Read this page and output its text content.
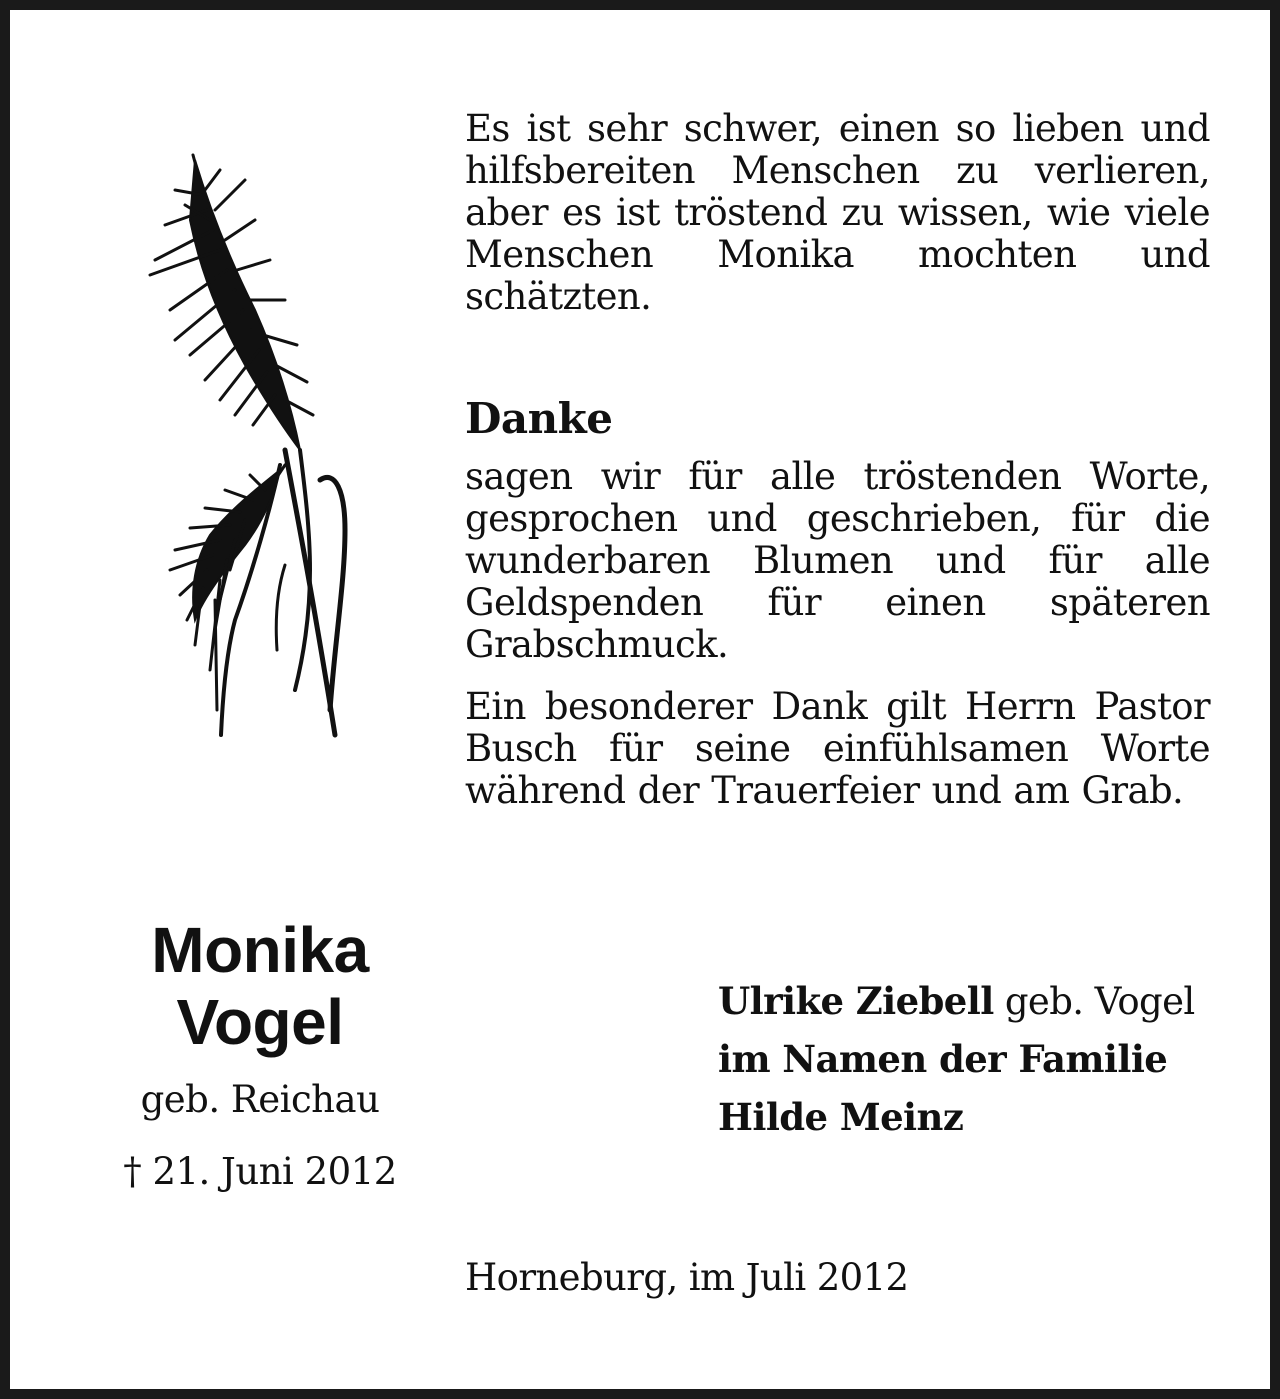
Es ist sehr schwer, einen so lieben und hilfsbereiten Menschen zu verlieren, aber es ist tröstend zu wissen, wie viele Menschen Monika mochten und schätzten.

Danke

sagen wir für alle tröstenden Worte, gesprochen und geschrieben, für die wunderbaren Blumen und für alle Geldspenden für einen späteren Grabschmuck.

Ein besonderer Dank gilt Herrn Pastor Busch für seine einfühlsamen Worte während der Trauerfeier und am Grab.

Monika
Vogel
geb. Reichau
† 21. Juni 2012
Ulrike Ziebell geb. Vogel
im Namen der Familie
Hilde Meinz
Horneburg, im Juli 2012
